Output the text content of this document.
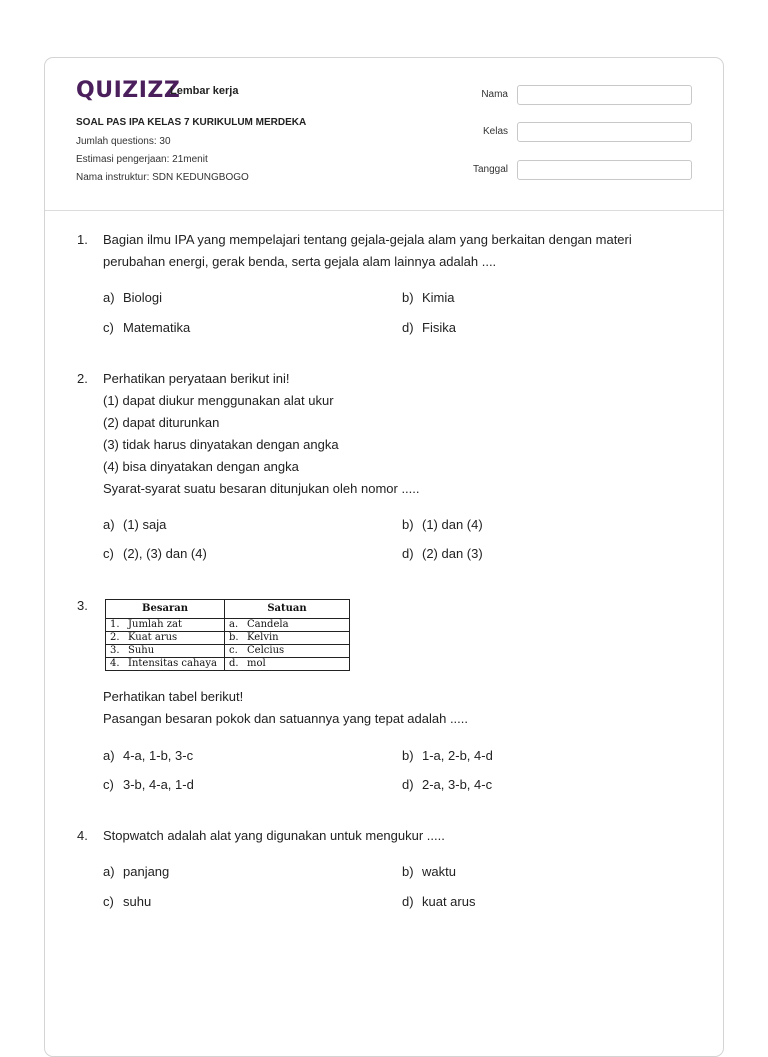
QUIZIZZ
Lembar kerja
SOAL PAS IPA KELAS 7 KURIKULUM MERDEKA
Jumlah questions: 30
Estimasi pengerjaan: 21menit
Nama instruktur: SDN KEDUNGBOGO
Nama
Kelas
Tanggal
1. Bagian ilmu IPA yang mempelajari tentang gejala-gejala alam yang berkaitan dengan materi
perubahan energi, gerak benda, serta gejala alam lainnya adalah ....
a) Biologi	b) Kimia
c) Matematika	d) Fisika
2. Perhatikan peryataan berikut ini!
(1) dapat diukur menggunakan alat ukur
(2) dapat diturunkan
(3) tidak harus dinyatakan dengan angka
(4) bisa dinyatakan dengan angka
Syarat-syarat suatu besaran ditunjukan oleh nomor .....
a) (1) saja	b) (1) dan (4)
c) (2), (3) dan (4)	d) (2) dan (3)
3.	Besaran	Satuan
1. Jumlah zat	a. Candela
2. Kuat arus	b. Kelvin
3. Suhu	c. Celcius
4. Intensitas cahaya	d. mol
Perhatikan tabel berikut!
Pasangan besaran pokok dan satuannya yang tepat adalah .....
a) 4-a, 1-b, 3-c	b) 1-a, 2-b, 4-d
c) 3-b, 4-a, 1-d	d) 2-a, 3-b, 4-c
4. Stopwatch adalah alat yang digunakan untuk mengukur .....
a) panjang	b) waktu
c) suhu	d) kuat arus
